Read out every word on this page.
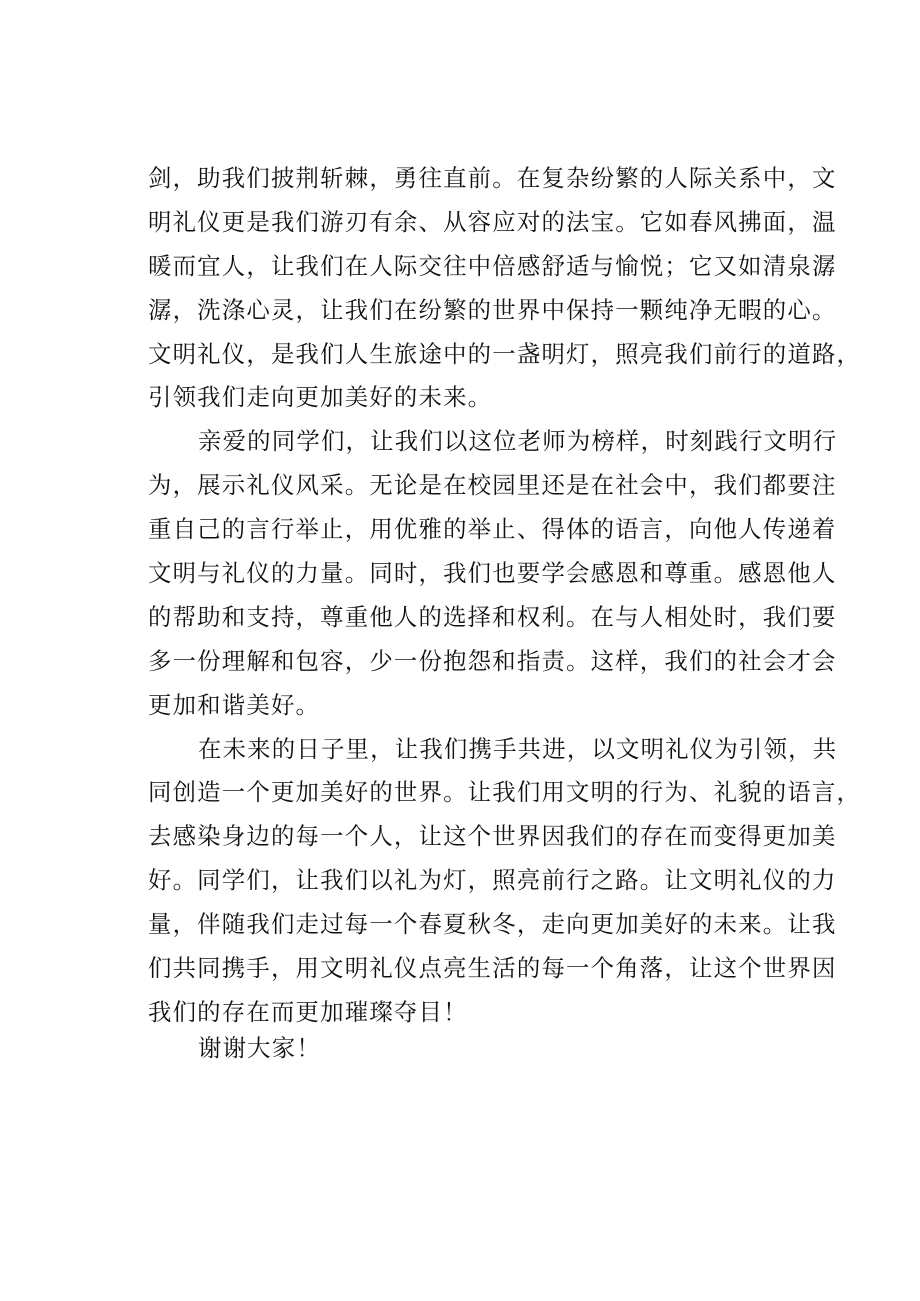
剑，助我们披荆斩棘，勇往直前。在复杂纷繁的人际关系中，文
明礼仪更是我们游刃有余、从容应对的法宝。它如春风拂面，温
暖而宜人，让我们在人际交往中倍感舒适与愉悦；它又如清泉潺
潺，洗涤心灵，让我们在纷繁的世界中保持一颗纯净无暇的心。
文明礼仪，是我们人生旅途中的一盏明灯，照亮我们前行的道路，
引领我们走向更加美好的未来。
亲爱的同学们，让我们以这位老师为榜样，时刻践行文明行
为，展示礼仪风采。无论是在校园里还是在社会中，我们都要注
重自己的言行举止，用优雅的举止、得体的语言，向他人传递着
文明与礼仪的力量。同时，我们也要学会感恩和尊重。感恩他人
的帮助和支持，尊重他人的选择和权利。在与人相处时，我们要
多一份理解和包容，少一份抱怨和指责。这样，我们的社会才会
更加和谐美好。
在未来的日子里，让我们携手共进，以文明礼仪为引领，共
同创造一个更加美好的世界。让我们用文明的行为、礼貌的语言，
去感染身边的每一个人，让这个世界因我们的存在而变得更加美
好。同学们，让我们以礼为灯，照亮前行之路。让文明礼仪的力
量，伴随我们走过每一个春夏秋冬，走向更加美好的未来。让我
们共同携手，用文明礼仪点亮生活的每一个角落，让这个世界因
我们的存在而更加璀璨夺目！
谢谢大家！
